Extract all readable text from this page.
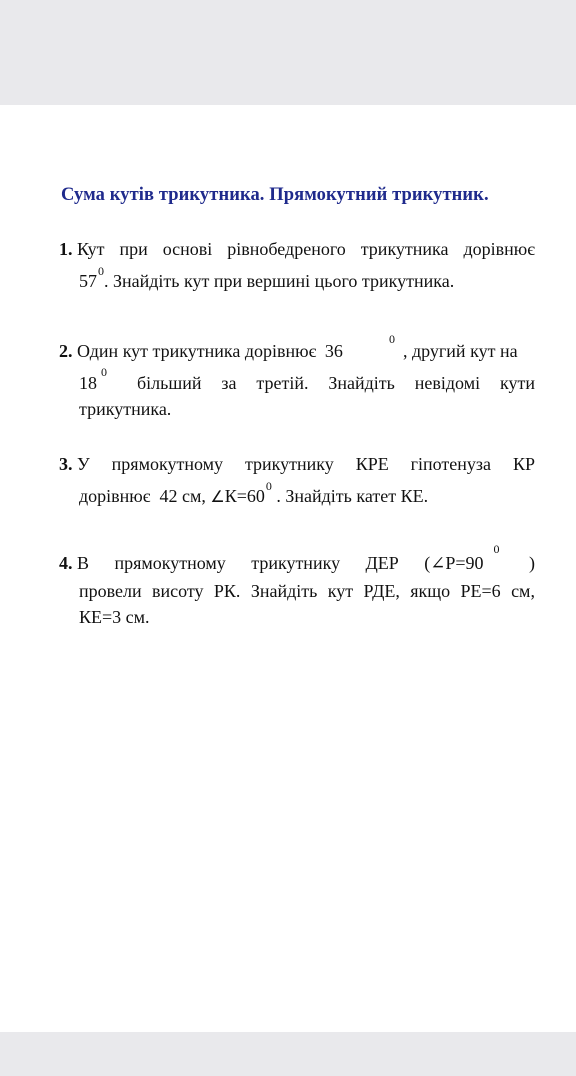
Сума кутів трикутника. Прямокутний трикутник.
1. Кут при основі рівнобедреного трикутника дорівнює
$57^0$. Знайдіть кут при вершині цього трикутника.
2. Один кут трикутника дорівнює 36
0
, другий кут на
18
0
більший за третій. Знайдіть невідомі кути
трикутника.
3. У прямокутному трикутнику КРЕ гіпотенуза КР
дорівнює  42 см, $\angle К=60^0$ . Знайдіть катет КЕ.
4. В прямокутному трикутнику ДЕР (∠Р=90
0
)
провели висоту РК. Знайдіть кут РДЕ, якщо РЕ=6 см,
КЕ=3 см.
